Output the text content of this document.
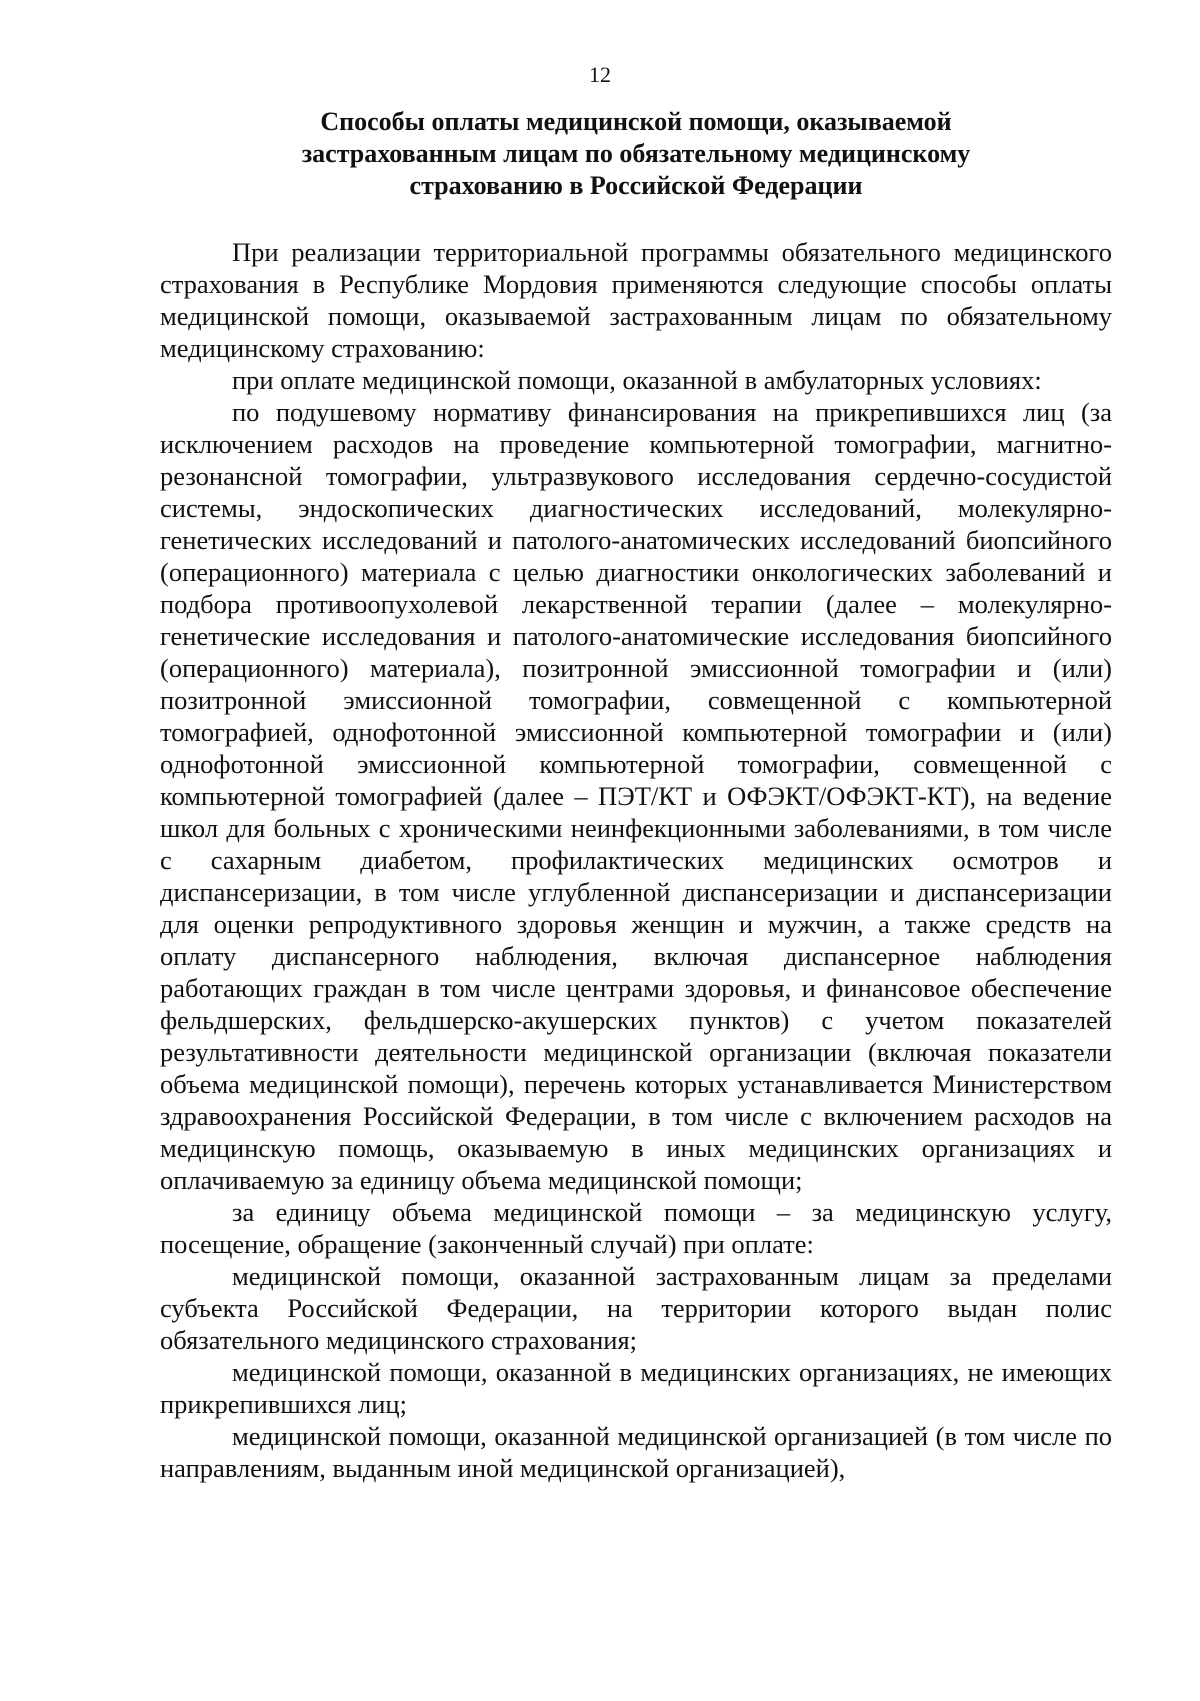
12
Способы оплаты медицинской помощи, оказываемой
застрахованным лицам по обязательному медицинскому
страхованию в Российской Федерации

При реализации территориальной программы обязательного медицинского страхования в Республике Мордовия применяются следующие способы оплаты медицинской помощи, оказываемой застрахованным лицам по обязательному медицинскому страхованию:

при оплате медицинской помощи, оказанной в амбулаторных условиях:

по подушевому нормативу финансирования на прикрепившихся лиц (за исключением расходов на проведение компьютерной томографии, магнитно-резонансной томографии, ультразвукового исследования сердечно-сосудистой системы, эндоскопических диагностических исследований, молекулярно-генетических исследований и патолого-анатомических исследований биопсийного (операционного) материала с целью диагностики онкологических заболеваний и подбора противоопухолевой лекарственной терапии (далее – молекулярно-генетические исследования и патолого-анатомические исследования биопсийного (операционного) материала), позитронной эмиссионной томографии и (или) позитронной эмиссионной томографии, совмещенной с компьютерной томографией, однофотонной эмиссионной компьютерной томографии и (или) однофотонной эмиссионной компьютерной томографии, совмещенной с компьютерной томографией (далее – ПЭТ/КТ и ОФЭКТ/ОФЭКТ-КТ), на ведение школ для больных с хроническими неинфекционными заболеваниями, в том числе с сахарным диабетом, профилактических медицинских осмотров и диспансеризации, в том числе углубленной диспансеризации и диспансеризации для оценки репродуктивного здоровья женщин и мужчин, а также средств на оплату диспансерного наблюдения, включая диспансерное наблюдения работающих граждан в том числе центрами здоровья, и финансовое обеспечение фельдшерских, фельдшерско-акушерских пунктов) с учетом показателей результативности деятельности медицинской организации (включая показатели объема медицинской помощи), перечень которых устанавливается Министерством здравоохранения Российской Федерации, в том числе с включением расходов на медицинскую помощь, оказываемую в иных медицинских организациях и оплачиваемую за единицу объема медицинской помощи;

за единицу объема медицинской помощи – за медицинскую услугу, посещение, обращение (законченный случай) при оплате:

медицинской помощи, оказанной застрахованным лицам за пределами субъекта Российской Федерации, на территории которого выдан полис обязательного медицинского страхования;

медицинской помощи, оказанной в медицинских организациях, не имеющих прикрепившихся лиц;

медицинской помощи, оказанной медицинской организацией (в том числе по направлениям, выданным иной медицинской организацией),
